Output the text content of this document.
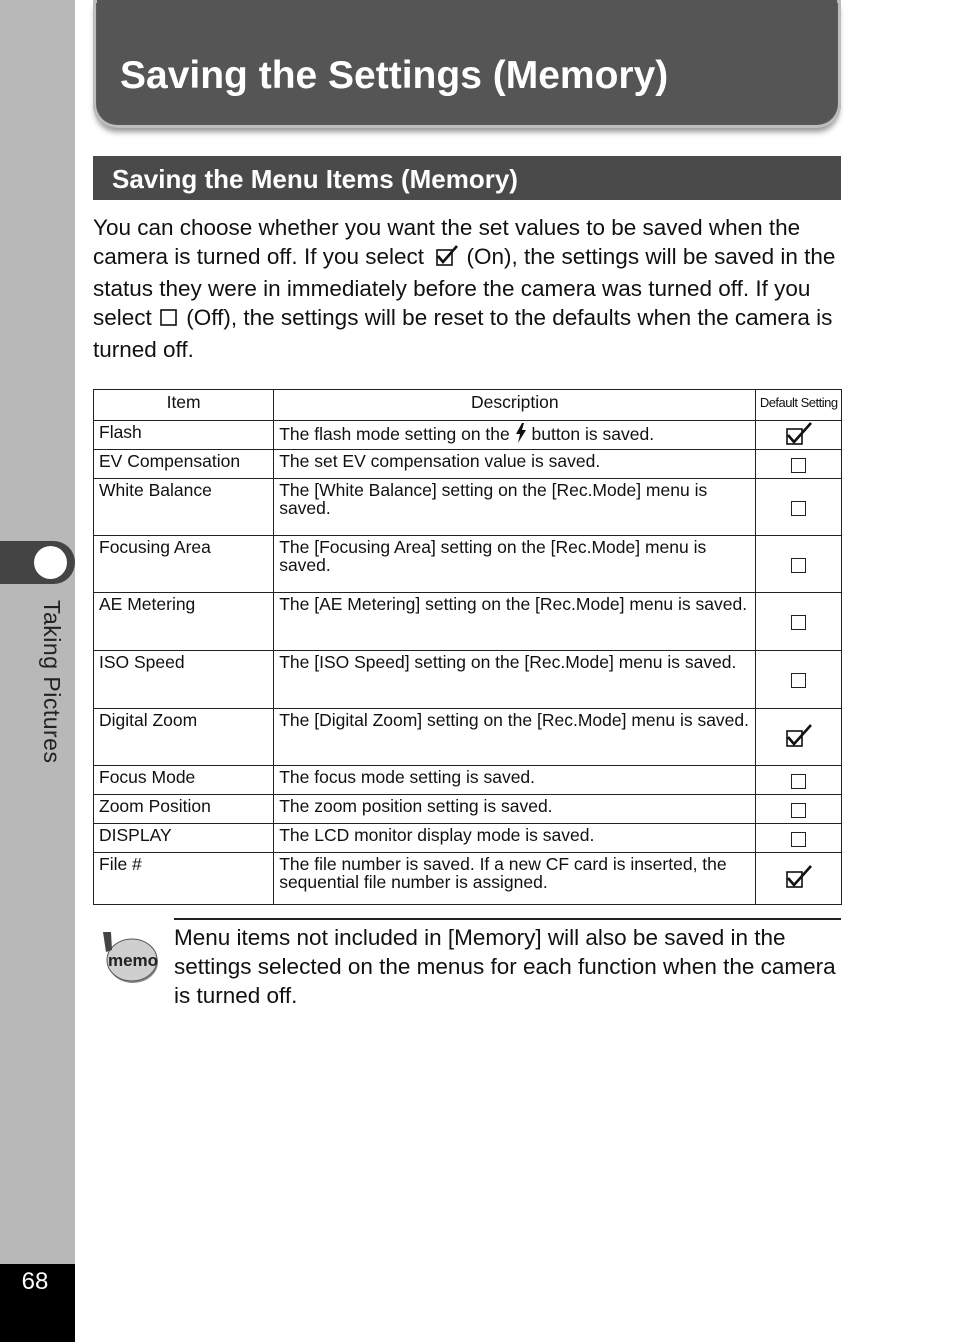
Taking Pictures
68
Saving the Settings (Memory)
Saving the Menu Items (Memory)
You can choose whether you want the set values to be saved when the camera is turned off. If you select  (On), the settings will be saved in the status they were in immediately before the camera was turned off. If you select  (Off), the settings will be reset to the defaults when the camera is turned off.
Item	Description	Default Setting
Flash	The flash mode setting on the  button is saved.	
EV Compensation	The set EV compensation value is saved.	
White Balance	The [White Balance] setting on the [Rec.Mode] menu is saved.	
Focusing Area	The [Focusing Area] setting on the [Rec.Mode] menu is saved.	
AE Metering	The [AE Metering] setting on the [Rec.Mode] menu is saved.	
ISO Speed	The [ISO Speed] setting on the [Rec.Mode] menu is saved.	
Digital Zoom	The [Digital Zoom] setting on the [Rec.Mode] menu is saved.	
Focus Mode	The focus mode setting is saved.	
Zoom Position	The zoom position setting is saved.	
DISPLAY	The LCD monitor display mode is saved.	
File #	The file number is saved. If a new CF card is inserted, the sequential file number is assigned.	
memo
Menu items not included in [Memory] will also be saved in the settings selected on the menus for each function when the camera is turned off.
